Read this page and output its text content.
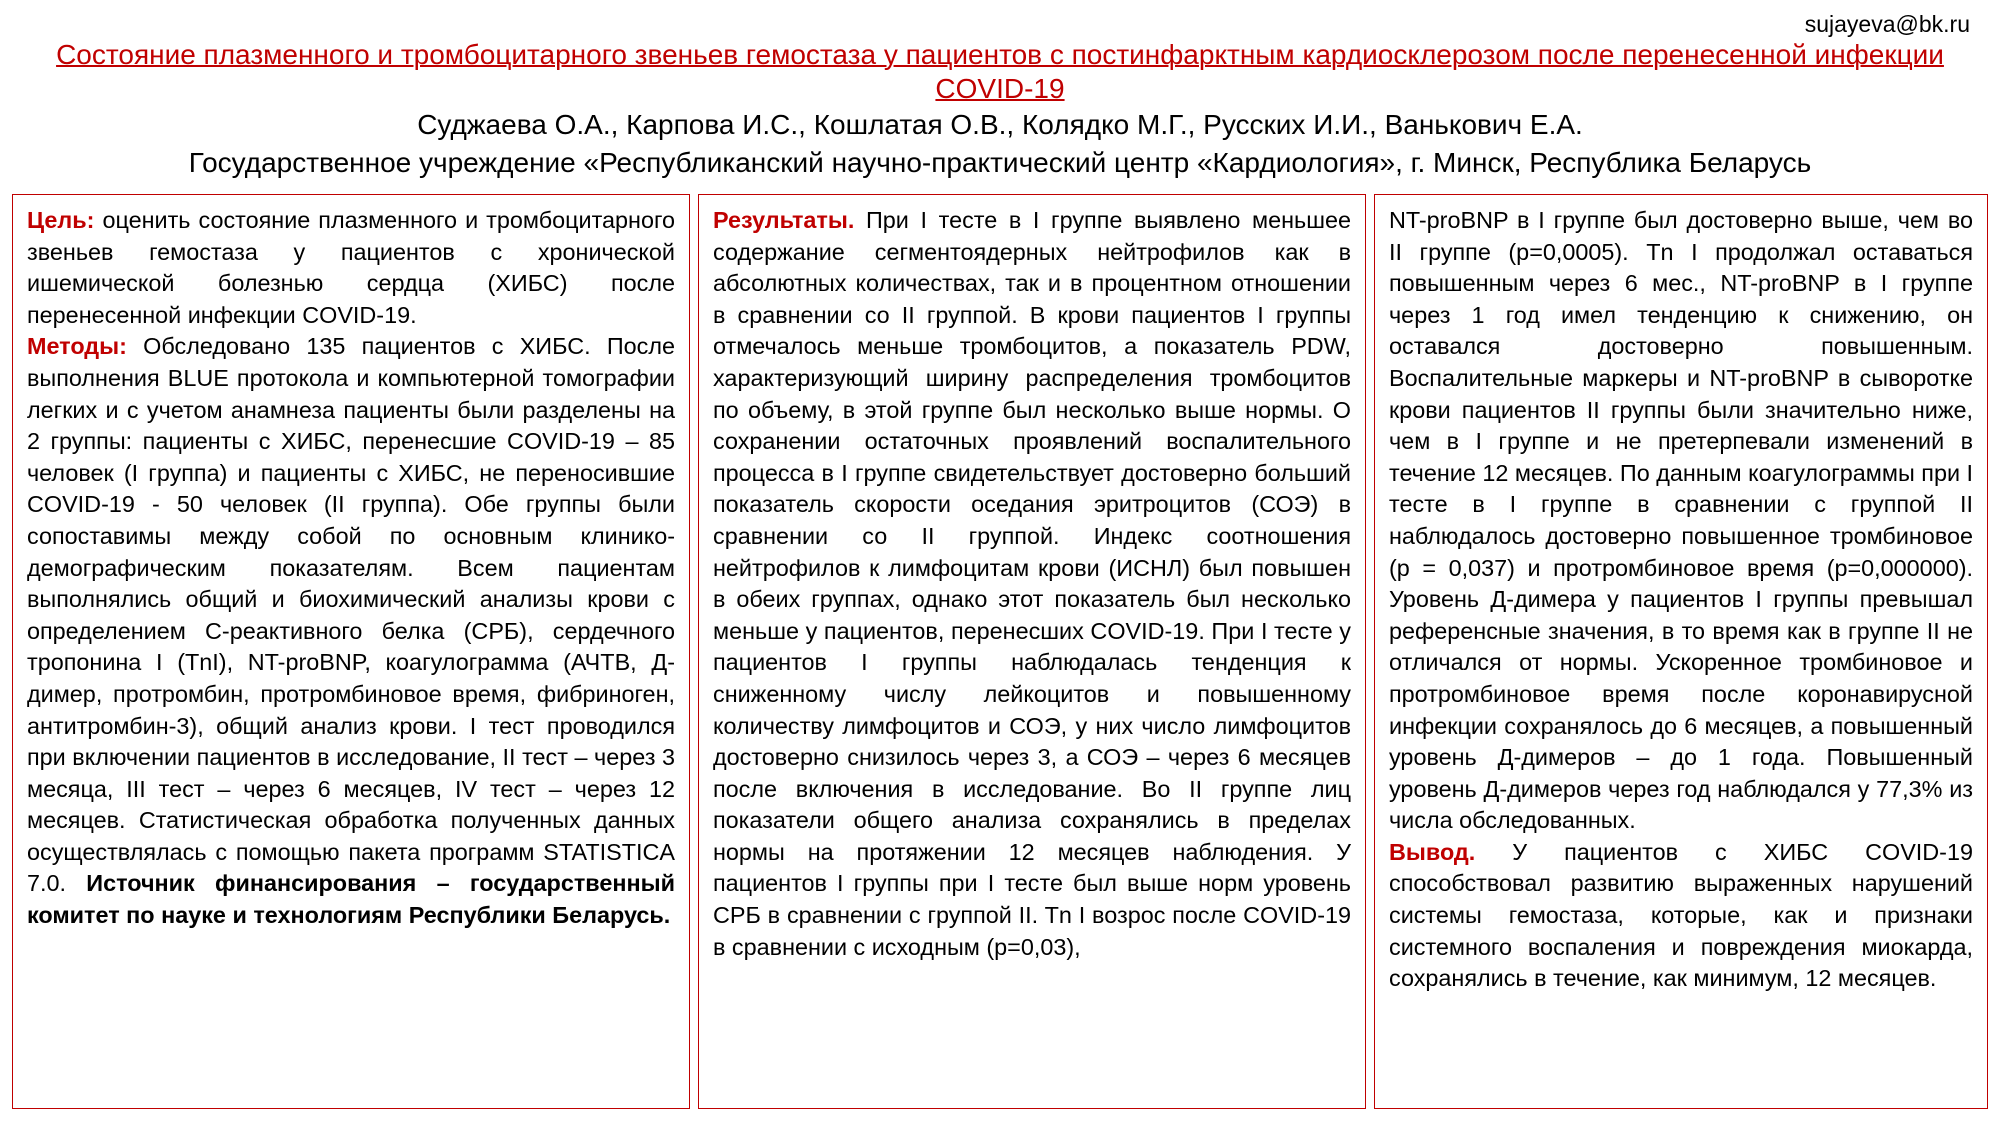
sujayeva@bk.ru
Состояние плазменного и тромбоцитарного звеньев гемостаза у пациентов с постинфарктным кардиосклерозом после перенесенной инфекции COVID-19
Суджаева О.А., Карпова И.С., Кошлатая О.В., Колядко М.Г., Русских И.И., Ванькович Е.А.
Государственное учреждение «Республиканский научно-практический центр «Кардиология», г. Минск, Республика Беларусь

Цель: оценить состояние плазменного и тромбоцитарного звеньев гемостаза у пациентов с хронической ишемической болезнью сердца (ХИБС) после перенесенной инфекции COVID-19.

Методы: Обследовано 135 пациентов с ХИБС. После выполнения BLUE протокола и компьютерной томографии легких и с учетом анамнеза пациенты были разделены на 2 группы: пациенты с ХИБС, перенесшие COVID-19 – 85 человек (I группа) и пациенты с ХИБС, не переносившие COVID-19 - 50 человек (II группа). Обе группы были сопоставимы между собой по основным клинико-демографическим показателям. Всем пациентам выполнялись общий и биохимический анализы крови с определением С-реактивного белка (СРБ), сердечного тропонина I (TnI), NT-proBNP, коагулограмма (АЧТВ, Д-димер, протромбин, протромбиновое время, фибриноген, антитромбин-3), общий анализ крови. I тест проводился при включении пациентов в исследование, II тест – через 3 месяца, III тест – через 6 месяцев, IV тест – через 12 месяцев. Статистическая обработка полученных данных осуществлялась с помощью пакета программ STATISTICA 7.0. Источник финансирования – государственный комитет по науке и технологиям Республики Беларусь.

Результаты. При I тесте в I группе выявлено меньшее содержание сегментоядерных нейтрофилов как в абсолютных количествах, так и в процентном отношении в сравнении со II группой. В крови пациентов I группы отмечалось меньше тромбоцитов, а показатель PDW, характеризующий ширину распределения тромбоцитов по объему, в этой группе был несколько выше нормы. О сохранении остаточных проявлений воспалительного процесса в I группе свидетельствует достоверно больший показатель скорости оседания эритроцитов (СОЭ) в сравнении со II группой. Индекс соотношения нейтрофилов к лимфоцитам крови (ИСНЛ) был повышен в обеих группах, однако этот показатель был несколько меньше у пациентов, перенесших COVID-19. При I тесте у пациентов I группы наблюдалась тенденция к сниженному числу лейкоцитов и повышенному количеству лимфоцитов и СОЭ, у них число лимфоцитов достоверно снизилось через 3, а СОЭ – через 6 месяцев после включения в исследование. Во II группе лиц показатели общего анализа сохранялись в пределах нормы на протяжении 12 месяцев наблюдения. У пациентов I группы при I тесте был выше норм уровень СРБ в сравнении с группой II. Tn I возрос после COVID-19 в сравнении с исходным (p=0,03),

NT-proBNP в I группе был достоверно выше, чем во II группе (p=0,0005). Tn I продолжал оставаться повышенным через 6 мес., NT-proBNP в I группе через 1 год имел тенденцию к снижению, он оставался достоверно повышенным. Воспалительные маркеры и NT-proBNP в сыворотке крови пациентов II группы были значительно ниже, чем в I группе и не претерпевали изменений в течение 12 месяцев. По данным коагулограммы при I тесте в I группе в сравнении с группой II наблюдалось достоверно повышенное тромбиновое (p = 0,037) и протромбиновое время (p=0,000000). Уровень Д-димера у пациентов I группы превышал референсные значения, в то время как в группе II не отличался от нормы. Ускоренное тромбиновое и протромбиновое время после коронавирусной инфекции сохранялось до 6 месяцев, а повышенный уровень Д-димеров – до 1 года. Повышенный уровень Д-димеров через год наблюдался у 77,3% из числа обследованных.

Вывод. У пациентов с ХИБС COVID-19 способствовал развитию выраженных нарушений системы гемостаза, которые, как и признаки системного воспаления и повреждения миокарда, сохранялись в течение, как минимум, 12 месяцев.
